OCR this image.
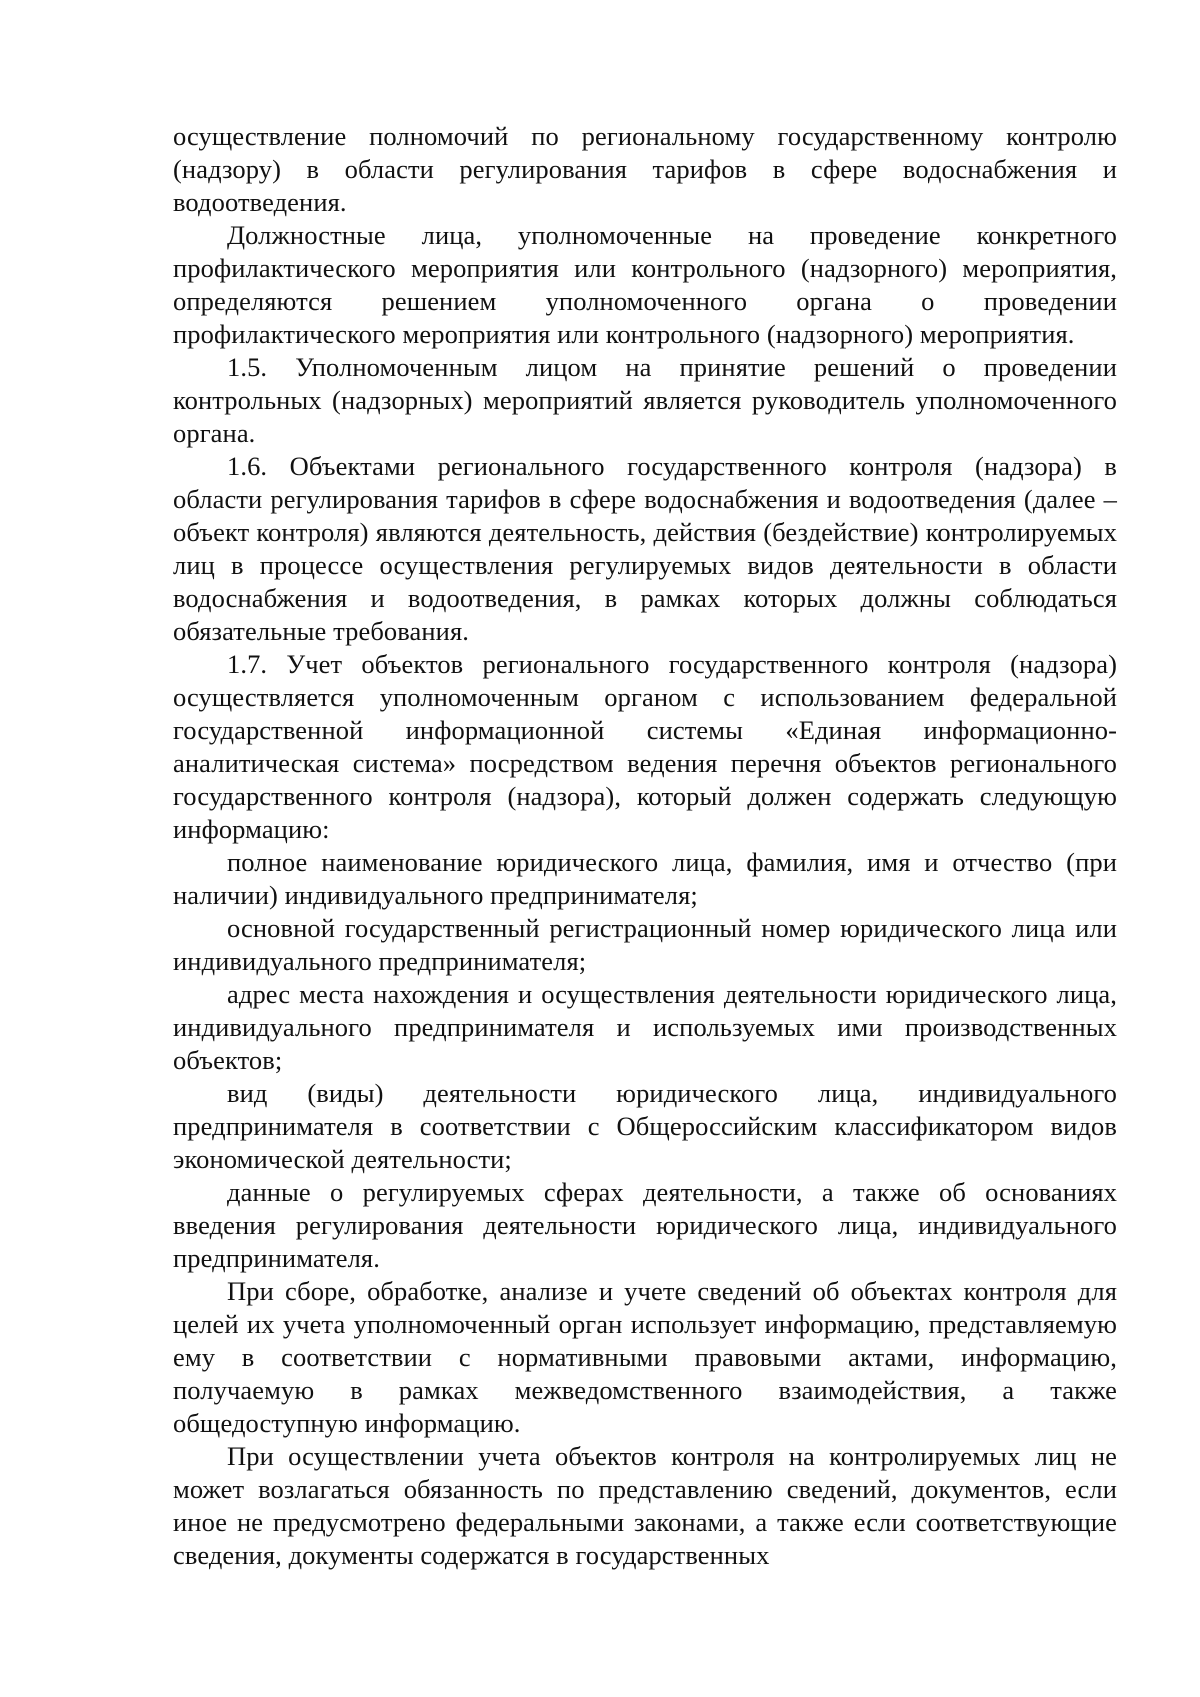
осуществление полномочий по региональному государственному контролю (надзору) в области регулирования тарифов в сфере водоснабжения и водоотведения.

Должностные лица, уполномоченные на проведение конкретного профилактического мероприятия или контрольного (надзорного) мероприятия, определяются решением уполномоченного органа о проведении профилактического мероприятия или контрольного (надзорного) мероприятия.

1.5. Уполномоченным лицом на принятие решений о проведении контрольных (надзорных) мероприятий является руководитель уполномоченного органа.

1.6. Объектами регионального государственного контроля (надзора) в области регулирования тарифов в сфере водоснабжения и водоотведения (далее – объект контроля) являются деятельность, действия (бездействие) контролируемых лиц в процессе осуществления регулируемых видов деятельности в области водоснабжения и водоотведения, в рамках которых должны соблюдаться обязательные требования.

1.7. Учет объектов регионального государственного контроля (надзора) осуществляется уполномоченным органом с использованием федеральной государственной информационной системы «Единая информационно-аналитическая система» посредством ведения перечня объектов регионального государственного контроля (надзора), который должен содержать следующую информацию:

полное наименование юридического лица, фамилия, имя и отчество (при наличии) индивидуального предпринимателя;

основной государственный регистрационный номер юридического лица или индивидуального предпринимателя;

адрес места нахождения и осуществления деятельности юридического лица, индивидуального предпринимателя и используемых ими производственных объектов;

вид (виды) деятельности юридического лица, индивидуального предпринимателя в соответствии с Общероссийским классификатором видов экономической деятельности;

данные о регулируемых сферах деятельности, а также об основаниях введения регулирования деятельности юридического лица, индивидуального предпринимателя.

При сборе, обработке, анализе и учете сведений об объектах контроля для целей их учета уполномоченный орган использует информацию, представляемую ему в соответствии с нормативными правовыми актами, информацию, получаемую в рамках межведомственного взаимодействия, а также общедоступную информацию.

При осуществлении учета объектов контроля на контролируемых лиц не может возлагаться обязанность по представлению сведений, документов, если иное не предусмотрено федеральными законами, а также если соответствующие сведения, документы содержатся в государственных
